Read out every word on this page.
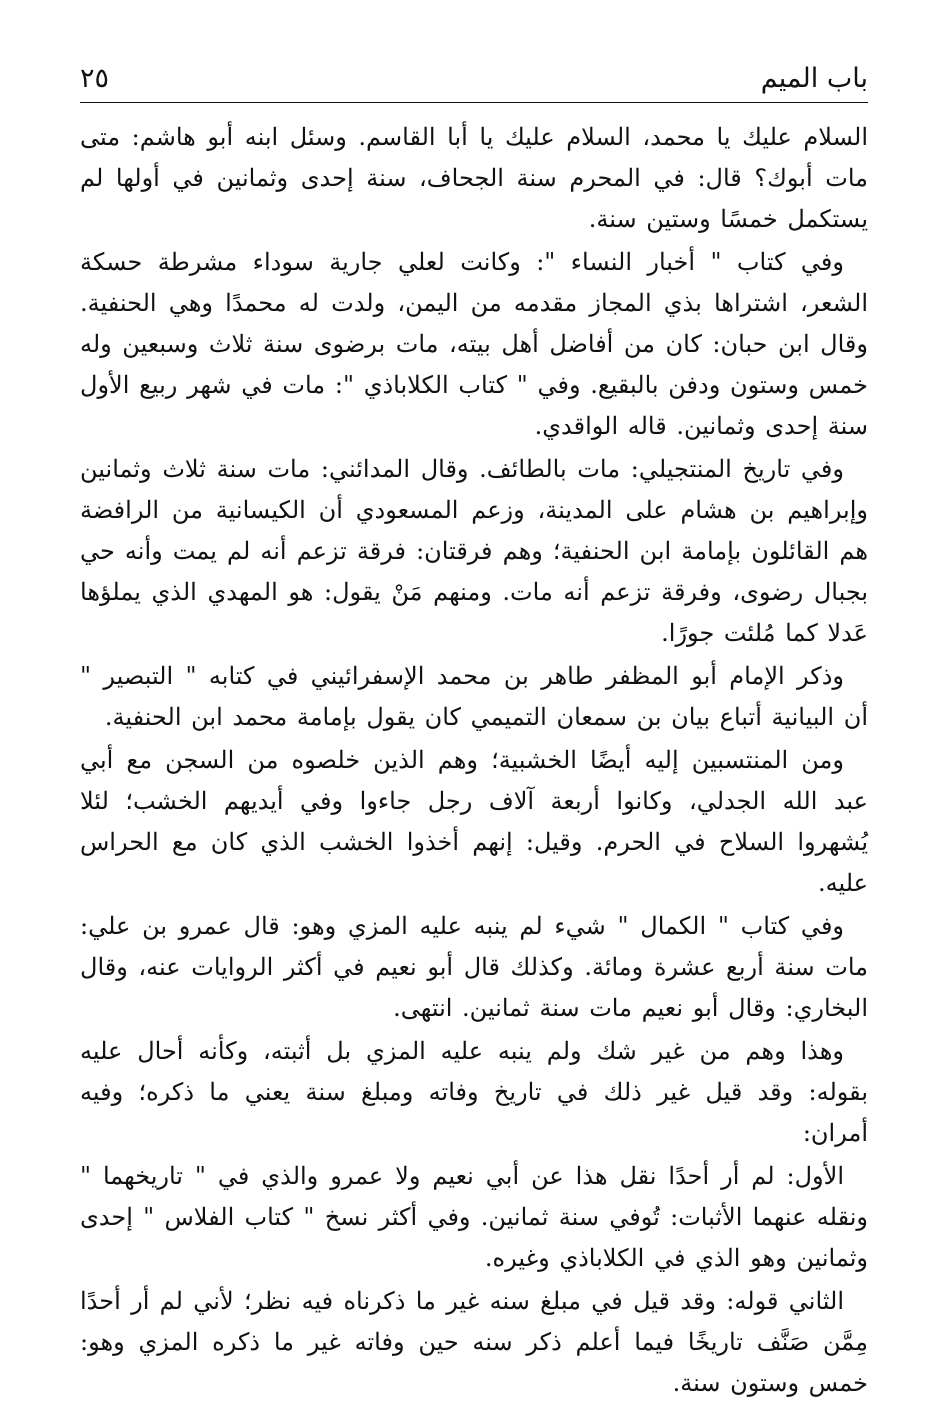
باب الميم
٢٥

السلام عليك يا محمد، السلام عليك يا أبا القاسم. وسئل ابنه أبو هاشم: متى مات أبوك؟ قال: في المحرم سنة الجحاف، سنة إحدى وثمانين في أولها لم يستكمل خمسًا وستين سنة.

وفي كتاب " أخبار النساء ": وكانت لعلي جارية سوداء مشرطة حسكة الشعر، اشتراها بذي المجاز مقدمه من اليمن، ولدت له محمدًا وهي الحنفية. وقال ابن حبان: كان من أفاضل أهل بيته، مات برضوى سنة ثلاث وسبعين وله خمس وستون ودفن بالبقيع. وفي " كتاب الكلاباذي ": مات في شهر ربيع الأول سنة إحدى وثمانين. قاله الواقدي.

وفي تاريخ المنتجيلي: مات بالطائف. وقال المدائني: مات سنة ثلاث وثمانين وإبراهيم بن هشام على المدينة، وزعم المسعودي أن الكيسانية من الرافضة هم القائلون بإمامة ابن الحنفية؛ وهم فرقتان: فرقة تزعم أنه لم يمت وأنه حي بجبال رضوى، وفرقة تزعم أنه مات. ومنهم مَنْ يقول: هو المهدي الذي يملؤها عَدلا كما مُلئت جورًا.

وذكر الإمام أبو المظفر طاهر بن محمد الإسفرائيني في كتابه " التبصير " أن البيانية أتباع بيان بن سمعان التميمي كان يقول بإمامة محمد ابن الحنفية.

ومن المنتسبين إليه أيضًا الخشبية؛ وهم الذين خلصوه من السجن مع أبي عبد الله الجدلي، وكانوا أربعة آلاف رجل جاءوا وفي أيديهم الخشب؛ لئلا يُشهروا السلاح في الحرم. وقيل: إنهم أخذوا الخشب الذي كان مع الحراس عليه.

وفي كتاب " الكمال " شيء لم ينبه عليه المزي وهو: قال عمرو بن علي: مات سنة أربع عشرة ومائة. وكذلك قال أبو نعيم في أكثر الروايات عنه، وقال البخاري: وقال أبو نعيم مات سنة ثمانين. انتهى.

وهذا وهم من غير شك ولم ينبه عليه المزي بل أثبته، وكأنه أحال عليه بقوله: وقد قيل غير ذلك في تاريخ وفاته ومبلغ سنة يعني ما ذكره؛ وفيه أمران:

الأول: لم أر أحدًا نقل هذا عن أبي نعيم ولا عمرو والذي في " تاريخهما " ونقله عنهما الأثبات: تُوفي سنة ثمانين. وفي أكثر نسخ " كتاب الفلاس " إحدى وثمانين وهو الذي في الكلاباذي وغيره.

الثاني قوله: وقد قيل في مبلغ سنه غير ما ذكرناه فيه نظر؛ لأني لم أر أحدًا مِمَّن صَنَّف تاريخًا فيما أعلم ذكر سنه حين وفاته غير ما ذكره المزي وهو: خمس وستون سنة.
